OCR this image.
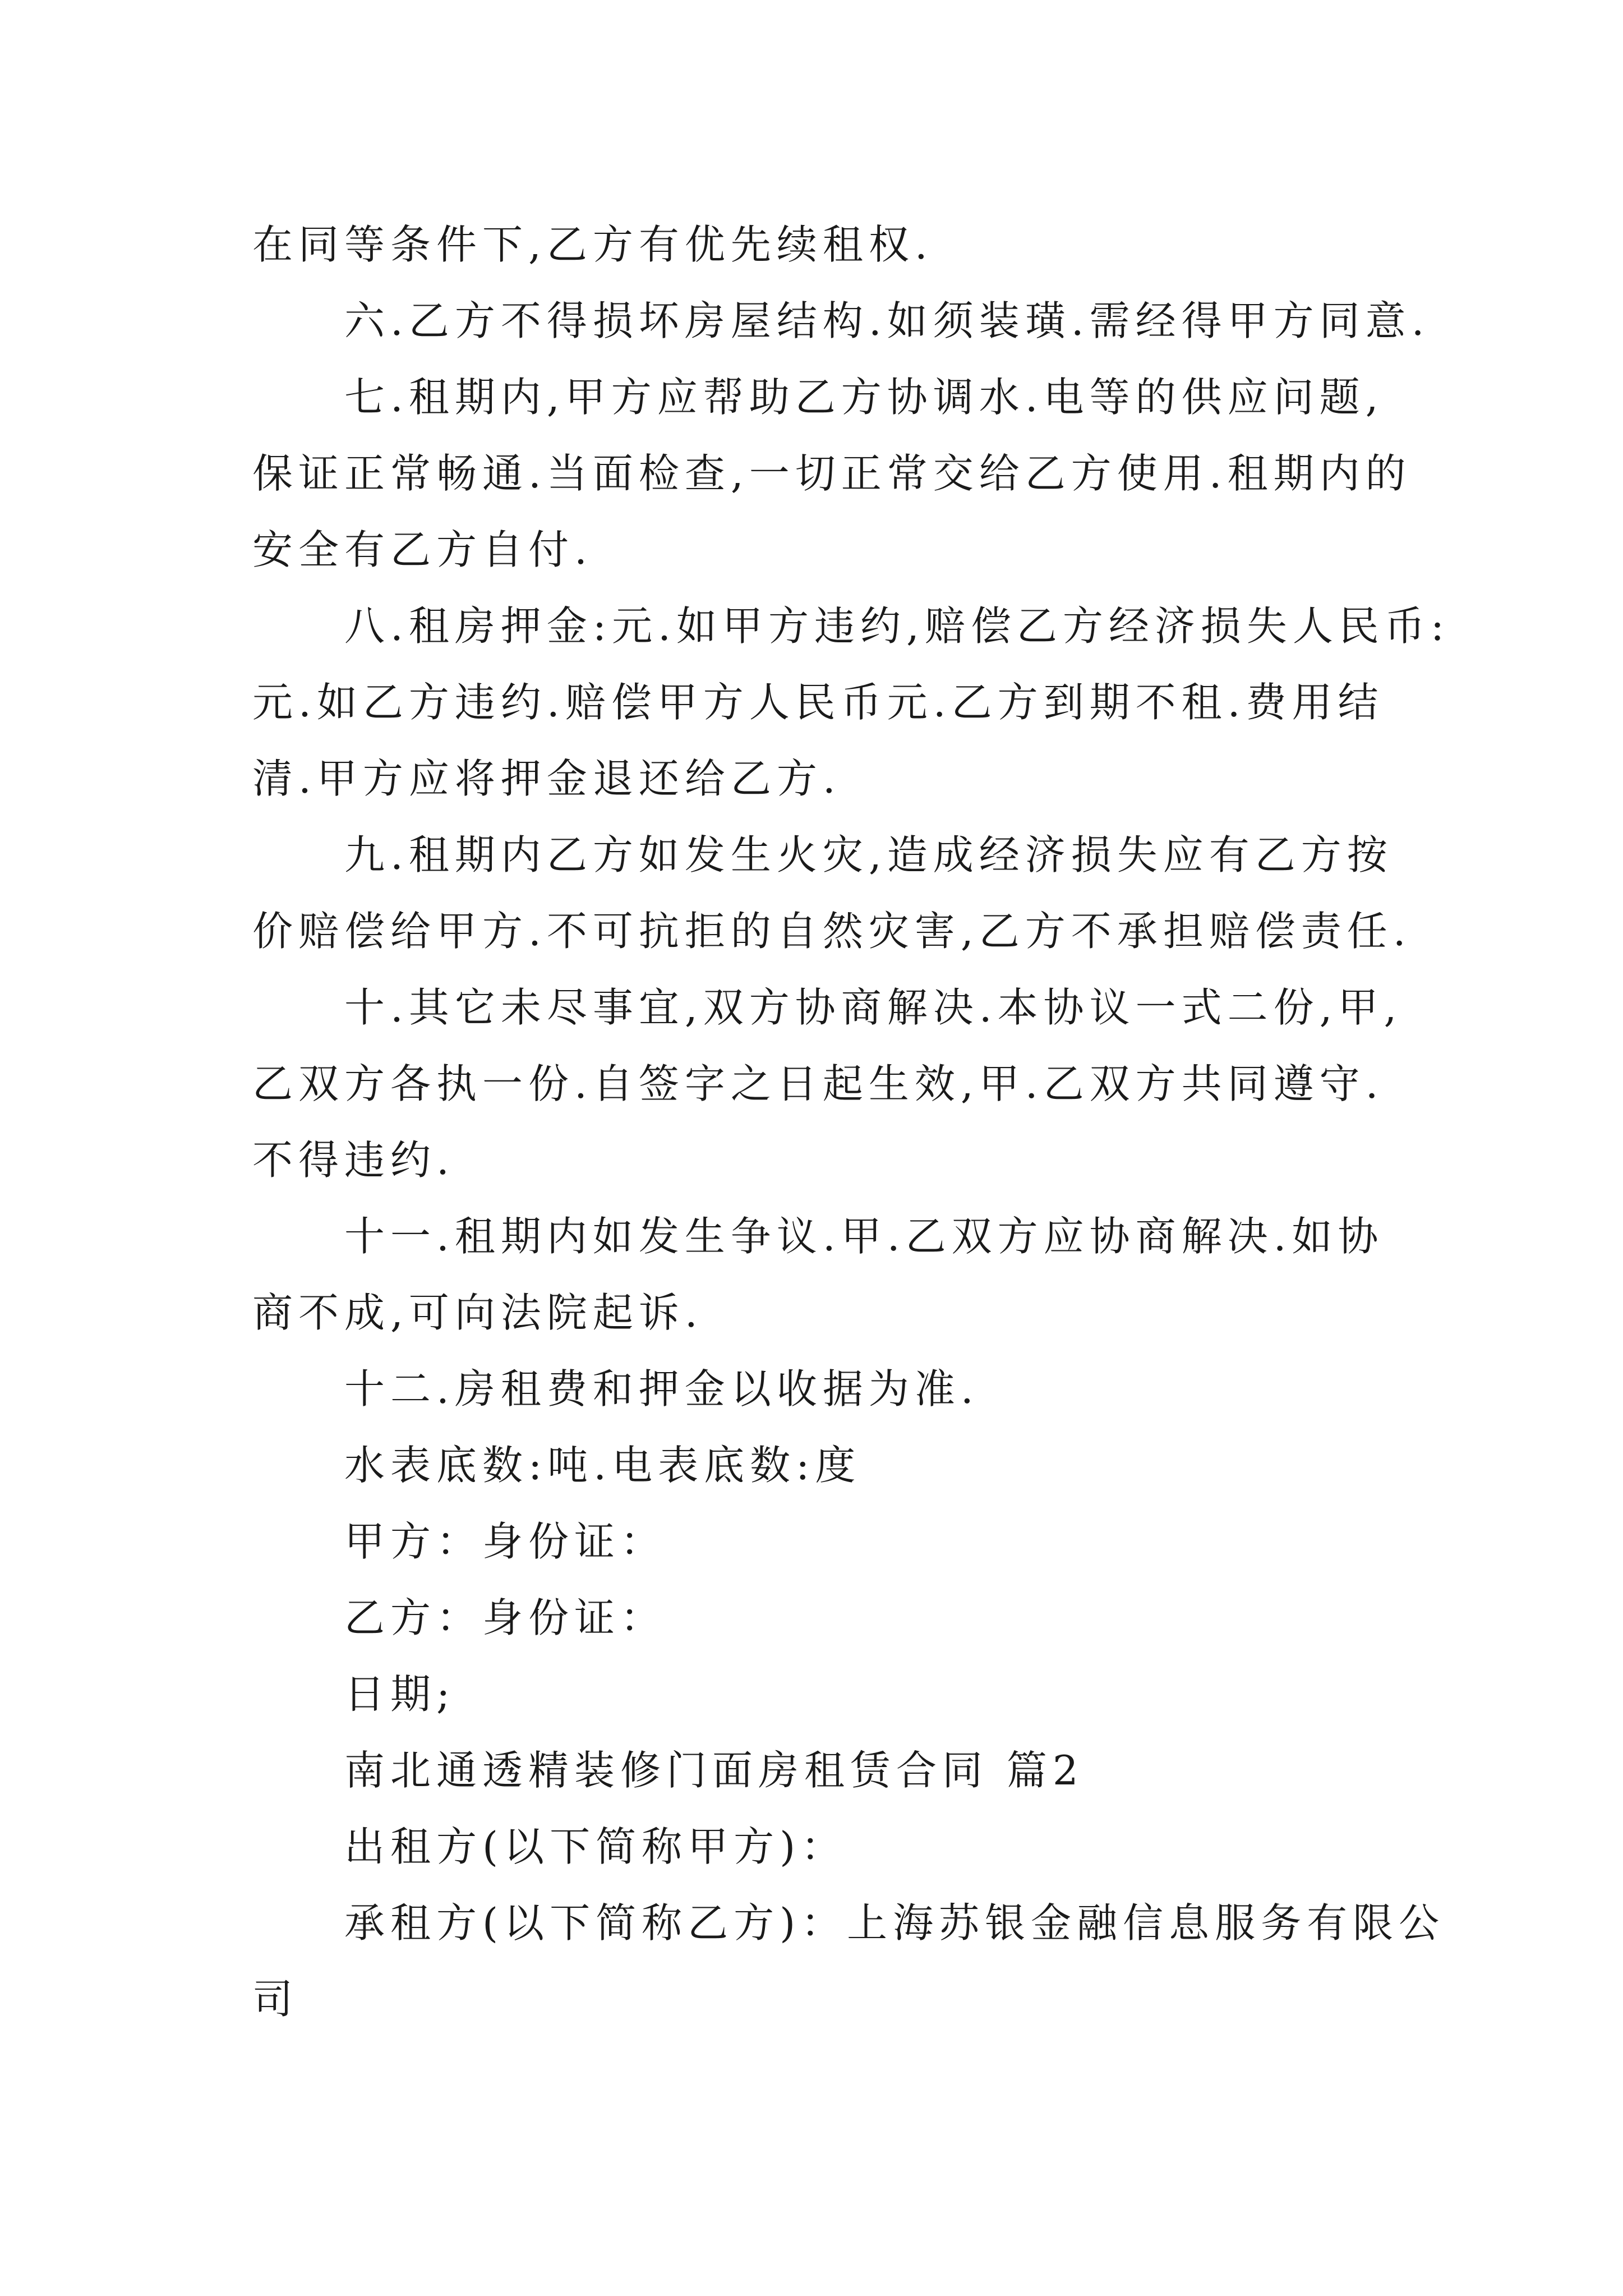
在同等条件下,乙方有优先续租权.
六.乙方不得损坏房屋结构.如须装璜.需经得甲方同意.
七.租期内,甲方应帮助乙方协调水.电等的供应问题,
保证正常畅通.当面检查,一切正常交给乙方使用.租期内的
安全有乙方自付.
八.租房押金:元.如甲方违约,赔偿乙方经济损失人民币:
元.如乙方违约.赔偿甲方人民币元.乙方到期不租.费用结
清.甲方应将押金退还给乙方.
九.租期内乙方如发生火灾,造成经济损失应有乙方按
价赔偿给甲方.不可抗拒的自然灾害,乙方不承担赔偿责任.
十.其它未尽事宜,双方协商解决.本协议一式二份,甲,
乙双方各执一份.自签字之日起生效,甲.乙双方共同遵守.
不得违约.
十一.租期内如发生争议.甲.乙双方应协商解决.如协
商不成,可向法院起诉.
十二.房租费和押金以收据为准.
水表底数:吨.电表底数:度
甲方：身份证：
乙方：身份证：
日期;
南北通透精装修门面房租赁合同 篇2
出租方(以下简称甲方)：
承租方(以下简称乙方)：上海苏银金融信息服务有限公
司
